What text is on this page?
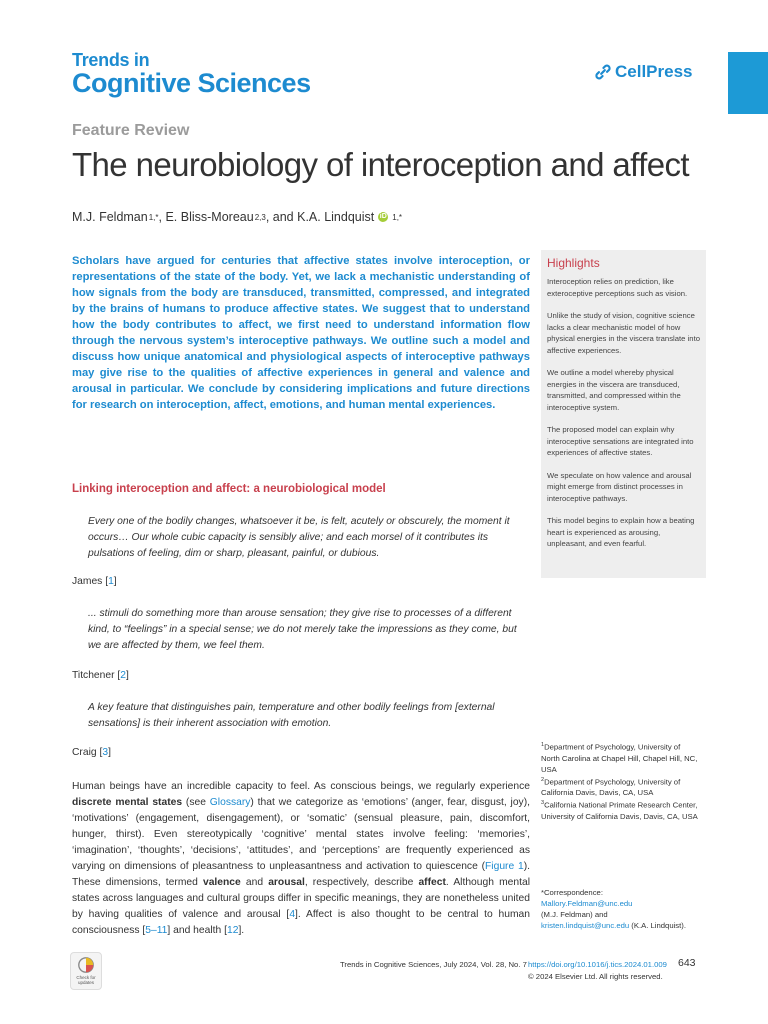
Trends in
Cognitive Sciences	CellPress
Feature Review
The neurobiology of interoception and affect
M.J. Feldman 1,* , E. Bliss-Moreau 2,3 , and K.A. Lindquist iD 1,*

Scholars have argued for centuries that affective states involve interoception, or representations of the state of the body. Yet, we lack a mechanistic understanding of how signals from the body are transduced, transmitted, compressed, and integrated by the brains of humans to produce affective states. We suggest that to understand how the body contributes to affect, we first need to understand information flow through the nervous system’s interoceptive pathways. We outline such a model and discuss how unique anatomical and physiological aspects of interoceptive pathways may give rise to the qualities of affective experiences in general and valence and arousal in particular. We conclude by considering implications and future directions for research on interoception, affect, emotions, and human mental experiences.

Highlights

Interoception relies on prediction, like exteroceptive perceptions such as vision.

Unlike the study of vision, cognitive science lacks a clear mechanistic model of how physical energies in the viscera translate into affective experiences.

We outline a model whereby physical energies in the viscera are transduced, transmitted, and compressed within the interoceptive system.

The proposed model can explain why interoceptive sensations are integrated into experiences of affective states.

We speculate on how valence and arousal might emerge from distinct processes in interoceptive pathways.

This model begins to explain how a beating heart is experienced as arousing, unpleasant, and even fearful.

Linking interoception and affect: a neurobiological model

Every one of the bodily changes, whatsoever it be, is felt, acutely or obscurely, the moment it occurs… Our whole cubic capacity is sensibly alive; and each morsel of it contributes its pulsations of feeling, dim or sharp, pleasant, painful, or dubious.

James [1]

... stimuli do something more than arouse sensation; they give rise to processes of a different kind, to “feelings” in a special sense; we do not merely take the impressions as they come, but we are affected by them, we feel them.

Titchener [2]

A key feature that distinguishes pain, temperature and other bodily feelings from [external sensations] is their inherent association with emotion.

Craig [3]

Human beings have an incredible capacity to feel. As conscious beings, we regularly experience discrete mental states (see Glossary) that we categorize as ‘emotions’ (anger, fear, disgust, joy), ‘motivations’ (engagement, disengagement), or ‘somatic’ (sensual pleasure, pain, discomfort, hunger, thirst). Even stereotypically ‘cognitive’ mental states involve feeling: ‘memories’, ‘imagination’, ‘thoughts’, ‘decisions’, ‘attitudes’, and ‘perceptions’ are frequently experienced as varying on dimensions of pleasantness to unpleasantness and activation to quiescence (Figure 1). These dimensions, termed valence and arousal, respectively, describe affect. Although mental states across languages and cultural groups differ in specific meanings, they are nonetheless united by having qualities of valence and arousal [4]. Affect is also thought to be central to human consciousness [5–11] and health [12].

$^1$Department of Psychology, University of North Carolina at Chapel Hill, Chapel Hill, NC, USA
$^2$Department of Psychology, University of California Davis, Davis, CA, USA
$^3$California National Primate Research Center, University of California Davis, Davis, CA, USA
*Correspondence:
Mallory.Feldman@unc.edu
(M.J. Feldman) and
kristen.lindquist@unc.edu (K.A. Lindquist).
Check for updates
Trends in Cognitive Sciences, July 2024, Vol. 28, No. 7 https://doi.org/10.1016/j.tics.2024.01.009 643
© 2024 Elsevier Ltd. All rights reserved.
